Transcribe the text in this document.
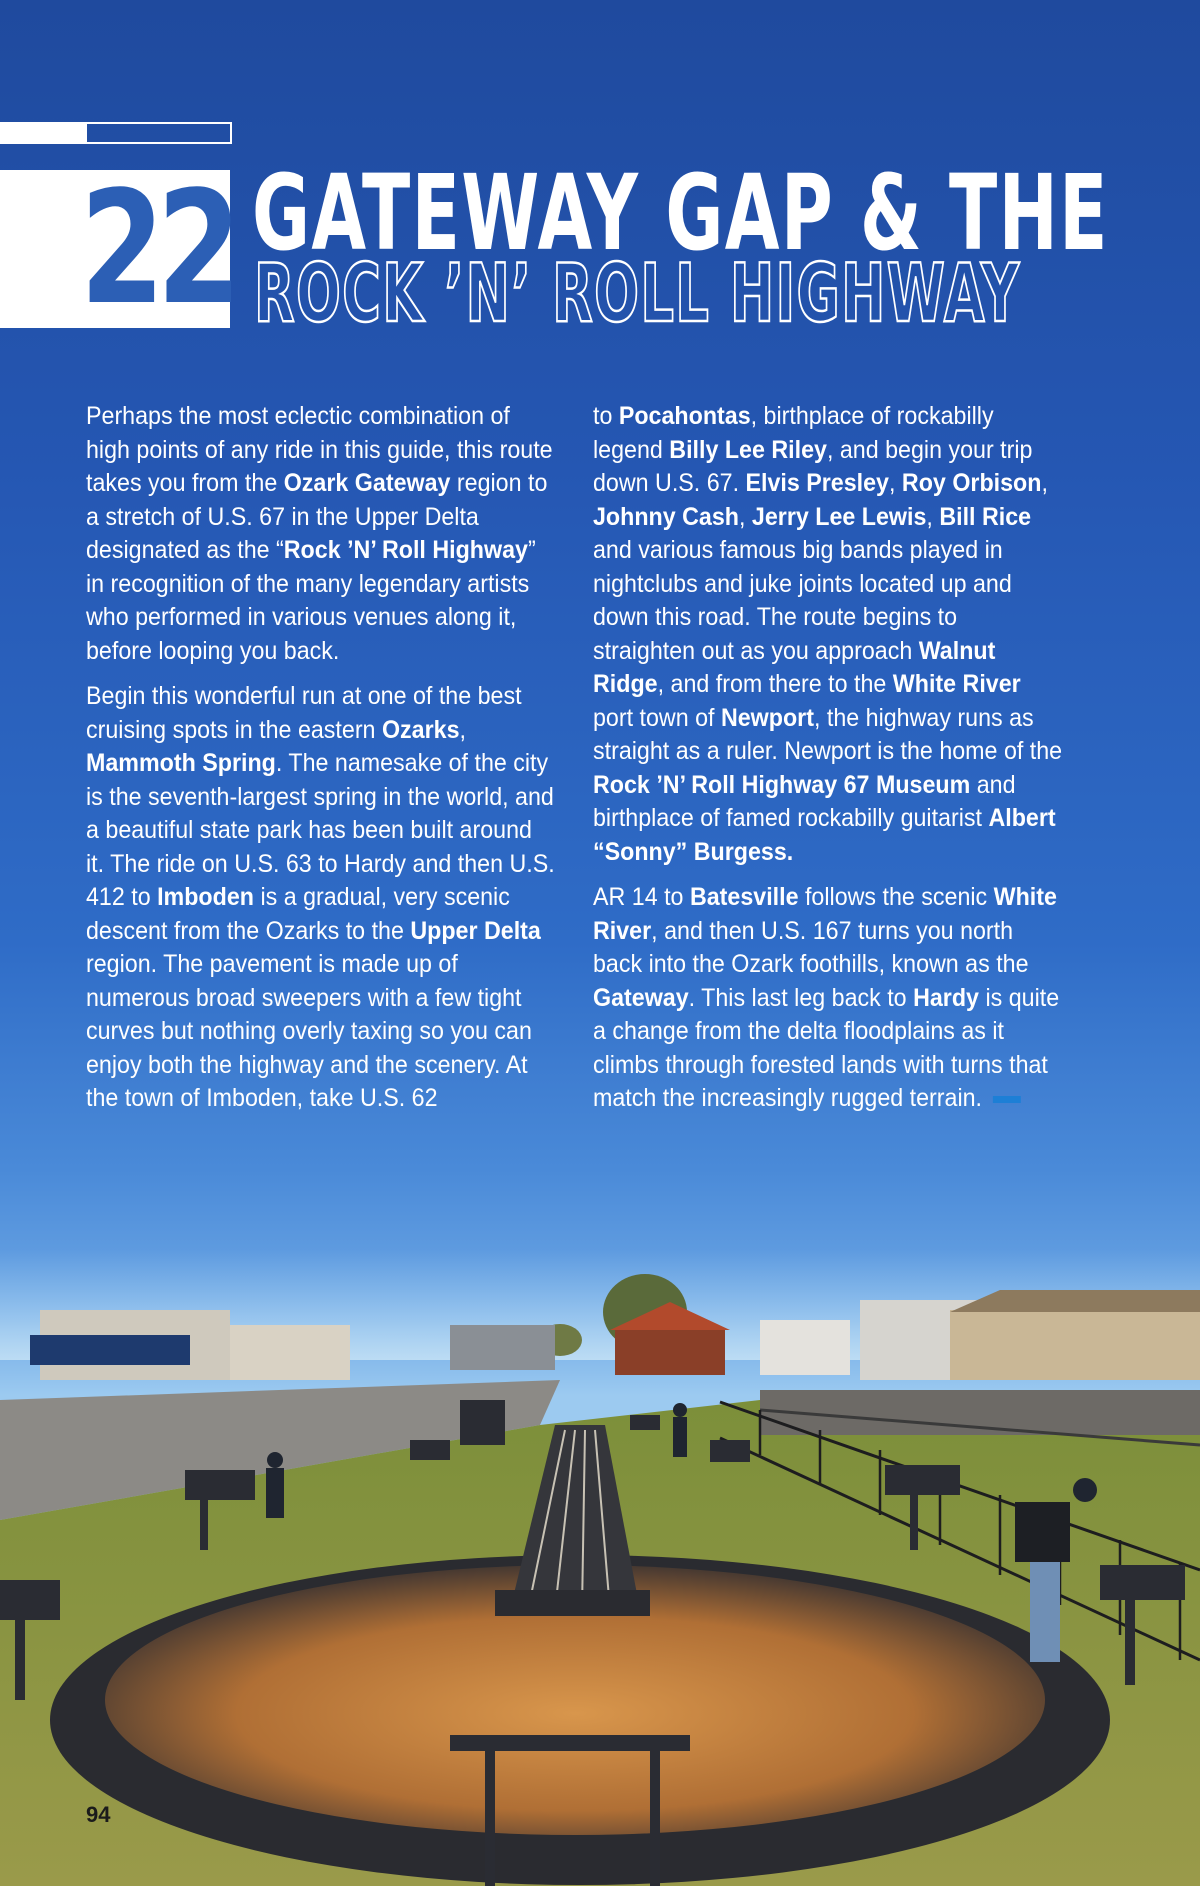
22 GATEWAY GAP & THE
ROCK ’N’ ROLL HIGHWAY

Perhaps the most eclectic combination of high points of any ride in this guide, this route takes you from the Ozark Gateway region to a stretch of U.S. 67 in the Upper Delta designated as the “Rock ’N’ Roll Highway” in recognition of the many legendary artists who performed in various venues along it, before looping you back.

Begin this wonderful run at one of the best cruising spots in the eastern Ozarks, Mammoth Spring. The namesake of the city is the seventh-largest spring in the world, and a beautiful state park has been built around it. The ride on U.S. 63 to Hardy and then U.S. 412 to Imboden is a gradual, very scenic descent from the Ozarks to the Upper Delta region. The pavement is made up of numerous broad sweepers with a few tight curves but nothing overly taxing so you can enjoy both the highway and the scenery. At the town of Imboden, take U.S. 62

to Pocahontas, birthplace of rockabilly legend Billy Lee Riley, and begin your trip down U.S. 67. Elvis Presley, Roy Orbison, Johnny Cash, Jerry Lee Lewis, Bill Rice and various famous big bands played in nightclubs and juke joints located up and down this road. The route begins to straighten out as you approach Walnut Ridge, and from there to the White River port town of Newport, the highway runs as straight as a ruler. Newport is the home of the Rock ’N’ Roll Highway 67 Museum and birthplace of famed rockabilly guitarist Albert “Sonny” Burgess.

AR 14 to Batesville follows the scenic White River, and then U.S. 167 turns you north back into the Ozark foothills, known as the Gateway. This last leg back to Hardy is quite a change from the delta floodplains as it climbs through forested lands with turns that match the increasingly rugged terrain.

94
